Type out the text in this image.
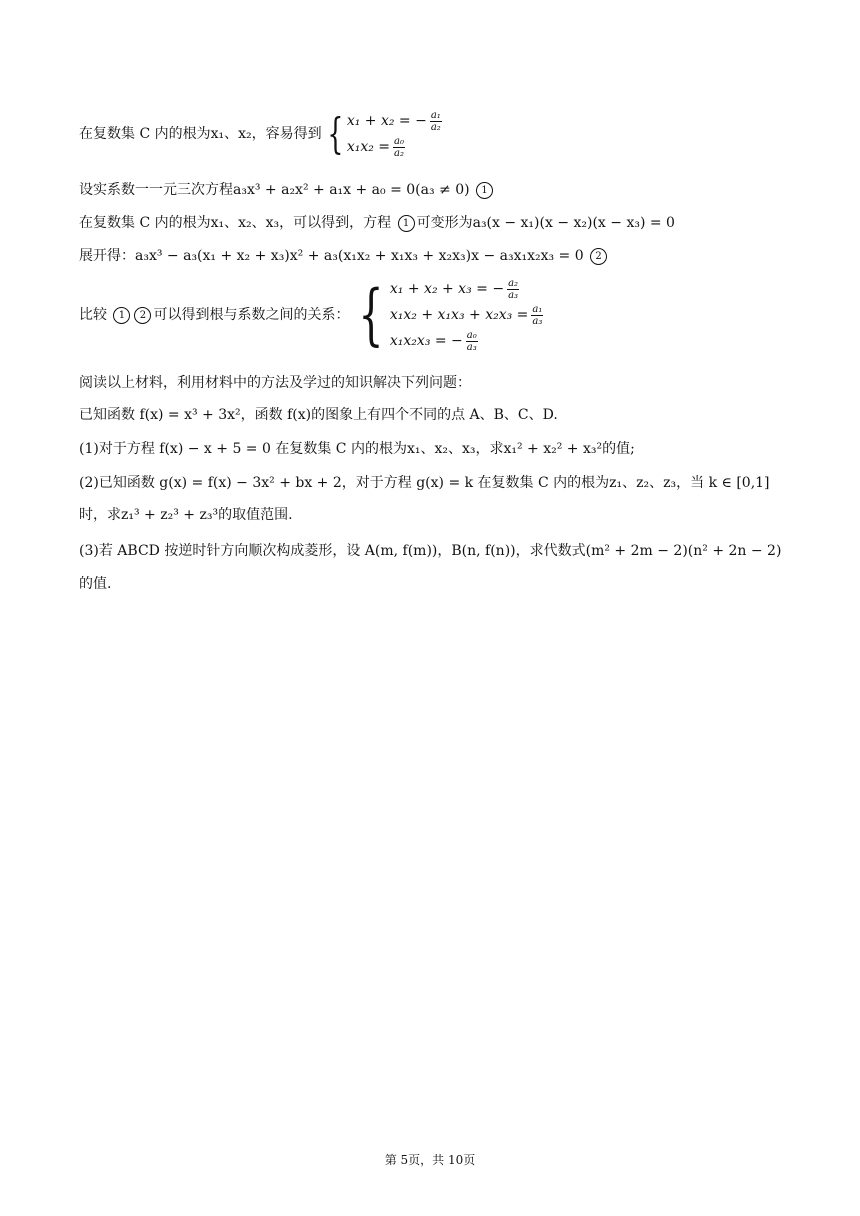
在复数集 C 内的根为x₁、x₂，容易得到 { x₁ + x₂ = − $\frac{\text{a₁}}{\text{a₂}}$
$x_1x_2 = \frac{\text{a₀}}{\text{a₂}}$
设实系数一一元三次方程a₃x³ + a₂x² + a₁x + a₀ = 0(a₃ ≠ 0) 1
在复数集 C 内的根为x₁、x₂、x₃，可以得到，方程 1 可变形为a₃(x − x₁)(x − x₂)(x − x₃) = 0
展开得：a₃x³ − a₃(x₁ + x₂ + x₃)x² + a₃(x₁x₂ + x₁x₃ + x₂x₃)x − a₃x₁x₂x₃ = 0 2
比较 1 2 可以得到根与系数之间的关系： { x₁ + x₂ + x₃ = − $\frac{\text{a₂}}{\text{a₃}}$
$x_1x_2 + x_1x_3 + x_2x_3 = \frac{\text{a₁}}{\text{a₃}}$
x₁x₂x₃ = − $\frac{\text{a₀}}{\text{a₃}}$
阅读以上材料，利用材料中的方法及学过的知识解决下列问题：
已知函数 f(x) = x³ + 3x²，函数 f(x)的图象上有四个不同的点 A、B、C、D.
(1)对于方程 f(x) − x + 5 = 0 在复数集 C 内的根为x₁、x₂、x₃，求x₁² + x₂² + x₃²的值;
(2)已知函数 g(x) = f(x) − 3x² + bx + 2，对于方程 g(x) = k 在复数集 C 内的根为z₁、z₂、z₃，当 k ∈ [0,1]
时，求z₁³ + z₂³ + z₃³的取值范围.
(3)若 ABCD 按逆时针方向顺次构成菱形，设 A(m, f(m))，B(n, f(n))，求代数式(m² + 2m − 2)(n² + 2n − 2)
的值.
第 5页，共 10页
